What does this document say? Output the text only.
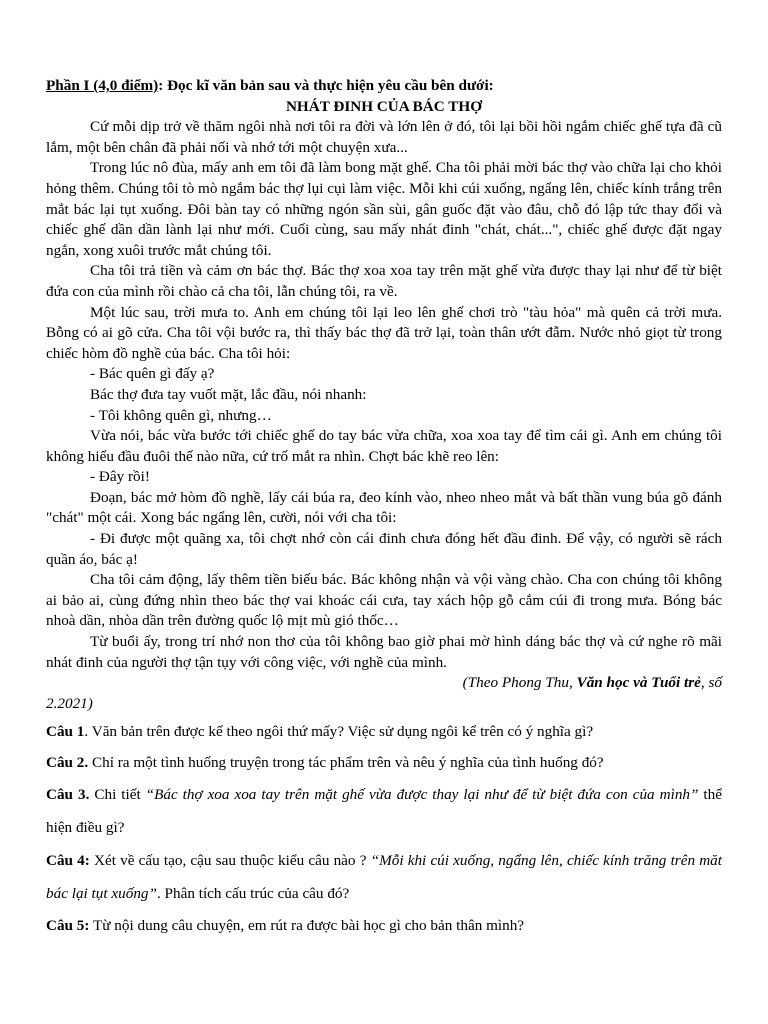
Phần I (4,0 điểm): Đọc kĩ văn bản sau và thực hiện yêu cầu bên dưới:
NHÁT ĐINH CỦA BÁC THỢ

Cứ mỗi dịp trở về thăm ngôi nhà nơi tôi ra đời và lớn lên ở đó, tôi lại bồi hồi ngắm chiếc ghế tựa đã cũ lắm, một bên chân đã phải nối và nhớ tới một chuyện xưa...

Trong lúc nô đùa, mấy anh em tôi đã làm bong mặt ghế. Cha tôi phải mời bác thợ vào chữa lại cho khỏi hỏng thêm. Chúng tôi tò mò ngắm bác thợ lụi cụi làm việc. Mỗi khi cúi xuống, ngẩng lên, chiếc kính trắng trên mắt bác lại tụt xuống. Đôi bàn tay có những ngón sần sùi, gân guốc đặt vào đâu, chỗ đó lập tức thay đổi và chiếc ghế dần dần lành lại như mới. Cuối cùng, sau mấy nhát đinh "chát, chát...", chiếc ghế được đặt ngay ngắn, xong xuôi trước mắt chúng tôi.

Cha tôi trả tiền và cảm ơn bác thợ. Bác thợ xoa xoa tay trên mặt ghế vừa được thay lại như để từ biệt đứa con của mình rồi chào cả cha tôi, lẫn chúng tôi, ra về.

Một lúc sau, trời mưa to. Anh em chúng tôi lại leo lên ghế chơi trò "tàu hỏa" mà quên cả trời mưa. Bỗng có ai gõ cửa. Cha tôi vội bước ra, thì thấy bác thợ đã trở lại, toàn thân ướt đẫm. Nước nhỏ giọt từ trong chiếc hòm đồ nghề của bác. Cha tôi hỏi:

- Bác quên gì đấy ạ?

Bác thợ đưa tay vuốt mặt, lắc đầu, nói nhanh:

- Tôi không quên gì, nhưng…

Vừa nói, bác vừa bước tới chiếc ghế do tay bác vừa chữa, xoa xoa tay để tìm cái gì. Anh em chúng tôi không hiểu đầu đuôi thế nào nữa, cứ trố mắt ra nhìn. Chợt bác khẽ reo lên:

- Đây rồi!

Đoạn, bác mở hòm đồ nghề, lấy cái búa ra, đeo kính vào, nheo nheo mắt và bất thần vung búa gõ đánh "chát" một cái. Xong bác ngẩng lên, cười, nói với cha tôi:

- Đi được một quãng xa, tôi chợt nhớ còn cái đinh chưa đóng hết đầu đinh. Để vậy, có người sẽ rách quần áo, bác ạ!

Cha tôi cảm động, lấy thêm tiền biếu bác. Bác không nhận và vội vàng chào. Cha con chúng tôi không ai bảo ai, cùng đứng nhìn theo bác thợ vai khoác cái cưa, tay xách hộp gỗ cắm cúi đi trong mưa. Bóng bác nhoà dần, nhòa dần trên đường quốc lộ mịt mù gió thốc…

Từ buổi ấy, trong trí nhớ non thơ của tôi không bao giờ phai mờ hình dáng bác thợ và cứ nghe rõ mãi nhát đinh của người thợ tận tụy với công việc, với nghề của mình.

(Theo Phong Thu, Văn học và Tuổi trẻ, số

2.2021)

Câu 1. Văn bản trên được kể theo ngôi thứ mấy? Việc sử dụng ngôi kể trên có ý nghĩa gì?

Câu 2. Chỉ ra một tình huống truyện trong tác phẩm trên và nêu ý nghĩa của tình huống đó?

Câu 3. Chi tiết “Bác thợ xoa xoa tay trên mặt ghế vừa được thay lại như để từ biệt đứa con của mình” thể hiện điều gì?

Câu 4: Xét về cấu tạo, cậu sau thuộc kiểu câu nào ? “Mỗi khi cúi xuống, ngẩng lên, chiếc kính trăng trên măt bác lại tụt xuống”. Phân tích cấu trúc của câu đó?

Câu 5: Từ nội dung câu chuyện, em rút ra được bài học gì cho bản thân mình?
